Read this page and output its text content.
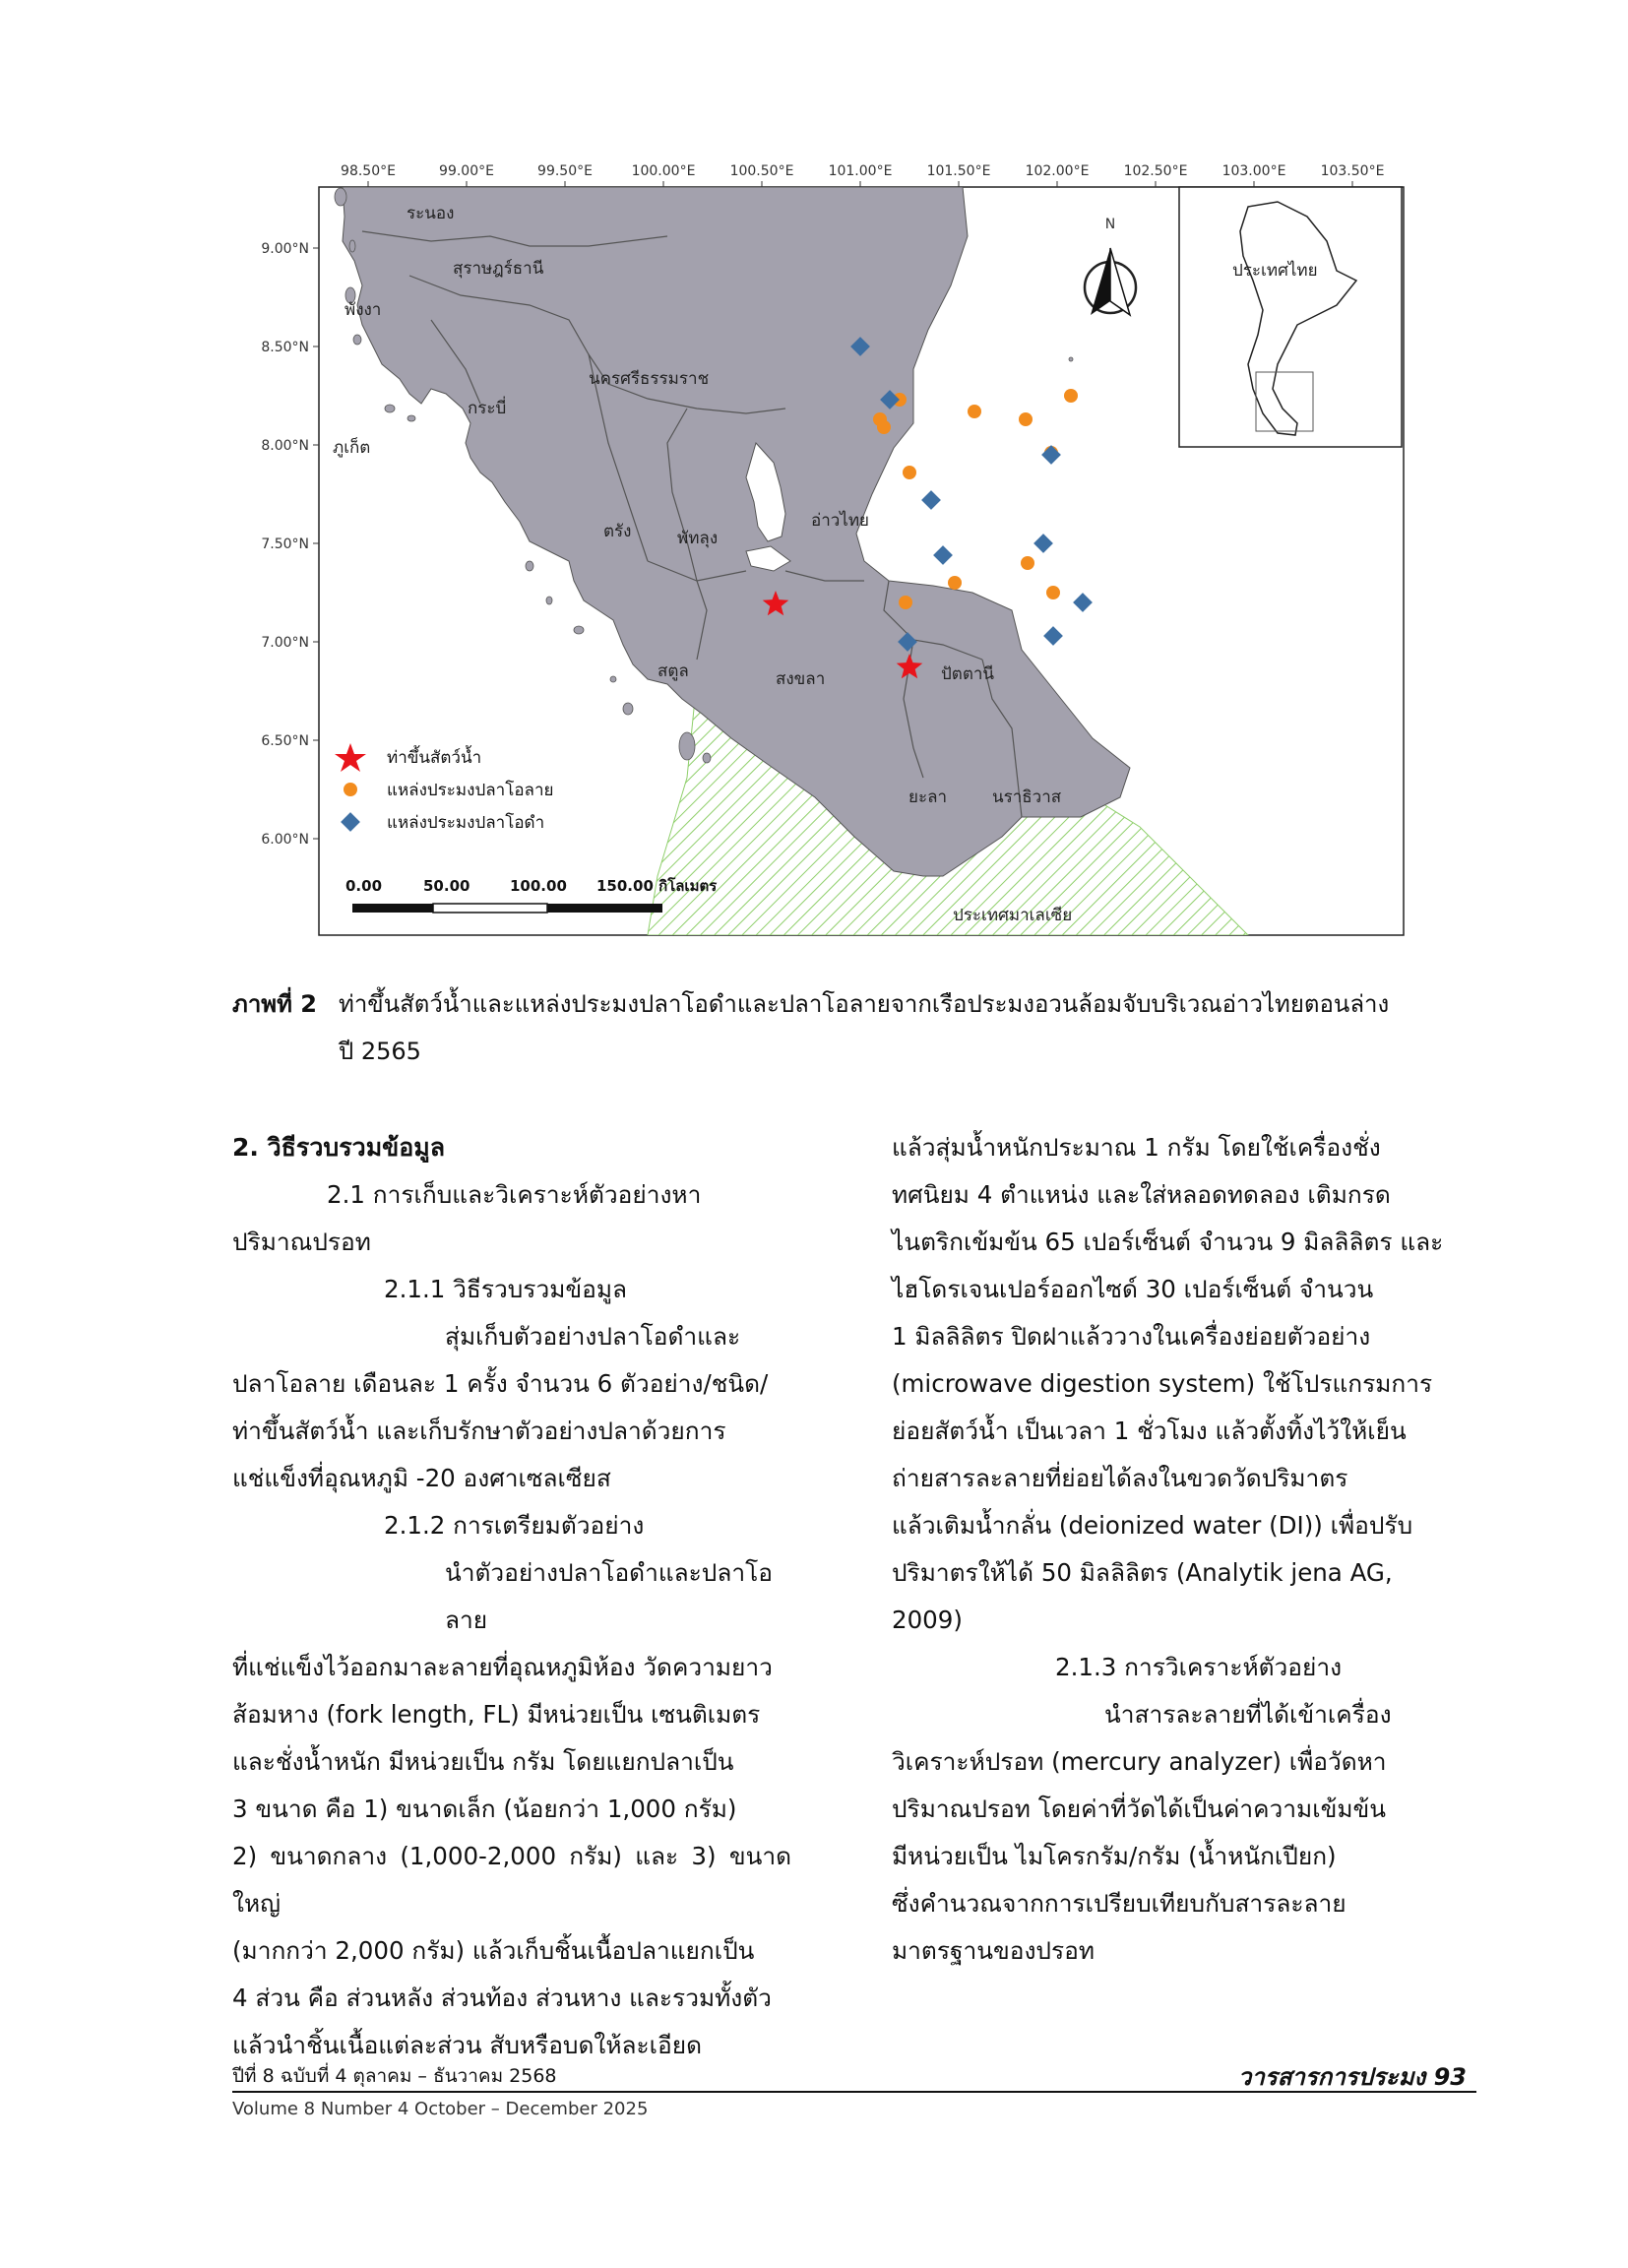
98.50°E	99.00°E	99.50°E	100.00°E	100.50°E	101.00°E	101.50°E	102.00°E	102.50°E	103.00°E	103.50°E
9.00°N
8.50°N
8.00°N
7.50°N
7.00°N
6.50°N
6.00°N
ระนอง
สุราษฎร์ธานี
พังงา
นครศรีธรรมราช
กระบี่
ภูเก็ต
ตรัง	พัทลุง
สตูล	สงขลา	ปัตตานี
ยะลา	นราธิวาส
อ่าวไทย
ประเทศมาเลเซีย
N
ประเทศไทย
ท่าขึ้นสัตว์น้ำ
แหล่งประมงปลาโอลาย
แหล่งประมงปลาโอดำ
0.00	50.00	100.00 150.00 กิโลเมตร
ภาพที่ 2 ท่าขึ้นสัตว์น้ำและแหล่งประมงปลาโอดำและปลาโอลายจากเรือประมงอวนล้อมจับบริเวณอ่าวไทยตอนล่าง
ปี 2565

2. วิธีรวบรวมข้อมูล

2.1 การเก็บและวิเคราะห์ตัวอย่างหา

ปริมาณปรอท

2.1.1 วิธีรวบรวมข้อมูล

สุ่มเก็บตัวอย่างปลาโอดำและ

ปลาโอลาย เดือนละ 1 ครั้ง จำนวน 6 ตัวอย่าง/ชนิด/

ท่าขึ้นสัตว์น้ำ และเก็บรักษาตัวอย่างปลาด้วยการ

แช่แข็งที่อุณหภูมิ -20 องศาเซลเซียส

2.1.2 การเตรียมตัวอย่าง

นำตัวอย่างปลาโอดำและปลาโอลาย

ที่แช่แข็งไว้ออกมาละลายที่อุณหภูมิห้อง วัดความยาว

ส้อมหาง (fork length, FL) มีหน่วยเป็น เซนติเมตร

และชั่งน้ำหนัก มีหน่วยเป็น กรัม โดยแยกปลาเป็น

3 ขนาด คือ 1) ขนาดเล็ก (น้อยกว่า 1,000 กรัม)

2) ขนาดกลาง (1,000-2,000 กรัม) และ 3) ขนาดใหญ่

(มากกว่า 2,000 กรัม) แล้วเก็บชิ้นเนื้อปลาแยกเป็น

4 ส่วน คือ ส่วนหลัง ส่วนท้อง ส่วนหาง และรวมทั้งตัว

แล้วนำชิ้นเนื้อแต่ละส่วน สับหรือบดให้ละเอียด

แล้วสุ่มน้ำหนักประมาณ 1 กรัม โดยใช้เครื่องชั่ง

ทศนิยม 4 ตำแหน่ง และใส่หลอดทดลอง เติมกรด

ไนตริกเข้มข้น 65 เปอร์เซ็นต์ จำนวน 9 มิลลิลิตร และ

ไฮโดรเจนเปอร์ออกไซด์ 30 เปอร์เซ็นต์ จำนวน

1 มิลลิลิตร ปิดฝาแล้ววางในเครื่องย่อยตัวอย่าง

(microwave digestion system) ใช้โปรแกรมการ

ย่อยสัตว์น้ำ เป็นเวลา 1 ชั่วโมง แล้วตั้งทิ้งไว้ให้เย็น

ถ่ายสารละลายที่ย่อยได้ลงในขวดวัดปริมาตร

แล้วเติมน้ำกลั่น (deionized water (DI)) เพื่อปรับ

ปริมาตรให้ได้ 50 มิลลิลิตร (Analytik jena AG,

2009)

2.1.3 การวิเคราะห์ตัวอย่าง

นำสารละลายที่ได้เข้าเครื่อง

วิเคราะห์ปรอท (mercury analyzer) เพื่อวัดหา

ปริมาณปรอท โดยค่าที่วัดได้เป็นค่าความเข้มข้น

มีหน่วยเป็น ไมโครกรัม/กรัม (น้ำหนักเปียก)

ซึ่งคำนวณจากการเปรียบเทียบกับสารละลาย

มาตรฐานของปรอท

ปีที่ 8 ฉบับที่ 4 ตุลาคม – ธันวาคม 2568
Volume 8 Number 4 October – December 2025
วารสารการประมง 93
